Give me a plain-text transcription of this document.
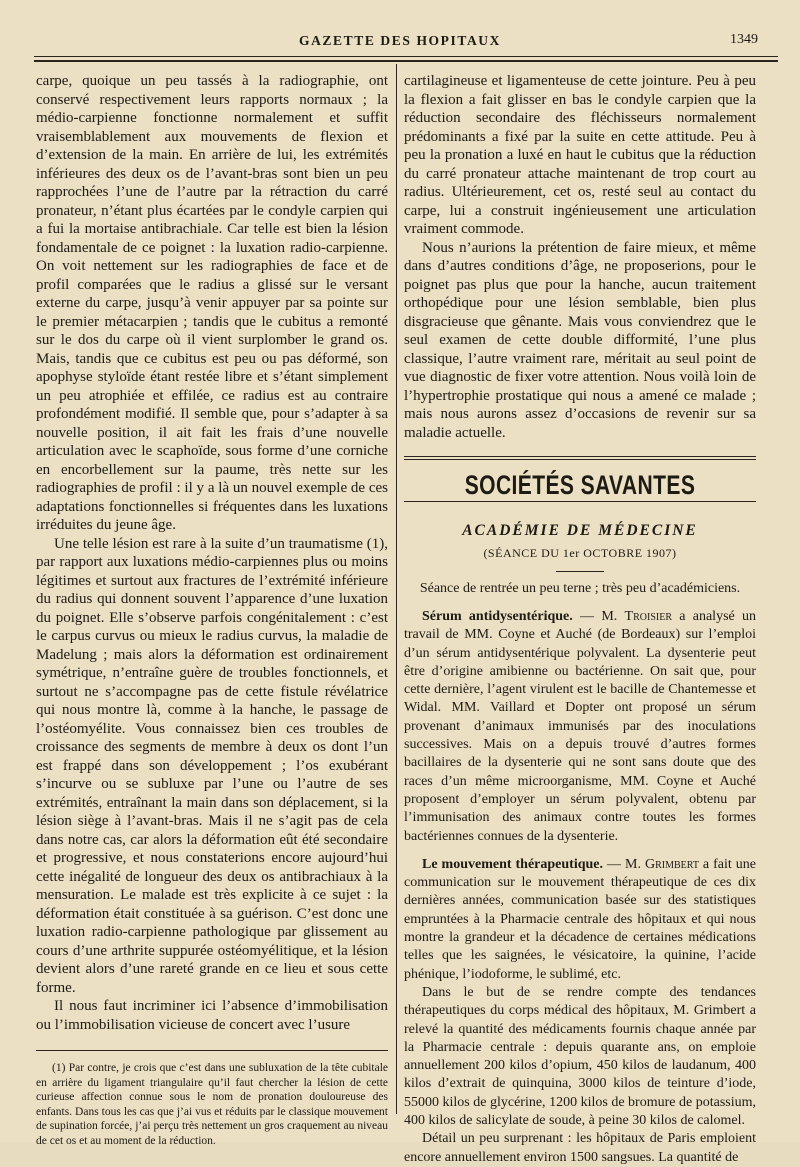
GAZETTE DES HOPITAUX	1349

carpe, quoique un peu tassés à la radiographie, ont conservé respectivement leurs rapports normaux ; la médio-carpienne fonctionne normalement et suffit vraisemblablement aux mouvements de flexion et d’extension de la main. En arrière de lui, les extrémités inférieures des deux os de l’avant-bras sont bien un peu rapprochées l’une de l’autre par la rétraction du carré pronateur, n’étant plus écartées par le condyle carpien qui a fui la mortaise antibrachiale. Car telle est bien la lésion fondamentale de ce poignet : la luxation radio-carpienne. On voit nettement sur les radiographies de face et de profil comparées que le radius a glissé sur le versant externe du carpe, jusqu’à venir appuyer par sa pointe sur le premier métacarpien ; tandis que le cubitus a remonté sur le dos du carpe où il vient surplomber le grand os. Mais, tandis que ce cubitus est peu ou pas déformé, son apophyse styloïde étant restée libre et s’étant simplement un peu atrophiée et effilée, ce radius est au contraire profondément modifié. Il semble que, pour s’adapter à sa nouvelle position, il ait fait les frais d’une nouvelle articulation avec le scaphoïde, sous forme d’une corniche en encorbellement sur la paume, très nette sur les radiographies de profil : il y a là un nouvel exemple de ces adaptations fonctionnelles si fréquentes dans les luxations irréduites du jeune âge.

Une telle lésion est rare à la suite d’un traumatisme (1), par rapport aux luxations médio-carpiennes plus ou moins légitimes et surtout aux fractures de l’extrémité inférieure du radius qui donnent souvent l’apparence d’une luxation du poignet. Elle s’observe parfois congénitalement : c’est le carpus curvus ou mieux le radius curvus, la maladie de Madelung ; mais alors la déformation est ordinairement symétrique, n’entraîne guère de troubles fonctionnels, et surtout ne s’accompagne pas de cette fistule révélatrice qui nous montre là, comme à la hanche, le passage de l’ostéomyélite. Vous connaissez bien ces troubles de croissance des segments de membre à deux os dont l’un est frappé dans son développement ; l’os exubérant s’incurve ou se subluxe par l’une ou l’autre de ses extrémités, entraînant la main dans son déplacement, si la lésion siège à l’avant-bras. Mais il ne s’agit pas de cela dans notre cas, car alors la déformation eût été secondaire et progressive, et nous constaterions encore aujourd’hui cette inégalité de longueur des deux os antibrachiaux à la mensuration. Le malade est très explicite à ce sujet : la déformation était constituée à sa guérison. C’est donc une luxation radio-carpienne pathologique par glissement au cours d’une arthrite suppurée ostéomyélitique, et la lésion devient alors d’une rareté grande en ce lieu et sous cette forme.

Il nous faut incriminer ici l’absence d’immobilisation ou l’immobilisation vicieuse de concert avec l’usure

(1) Par contre, je crois que c’est dans une subluxation de la tête cubitale en arrière du ligament triangulaire qu’il faut chercher la lésion de cette curieuse affection connue sous le nom de pronation douloureuse des enfants. Dans tous les cas que j’ai vus et réduits par le classique mouvement de supination forcée, j’ai perçu très nettement un gros craquement au niveau de cet os et au moment de la réduction.

cartilagineuse et ligamenteuse de cette jointure. Peu à peu la flexion a fait glisser en bas le condyle carpien que la réduction secondaire des fléchisseurs normalement prédominants a fixé par la suite en cette attitude. Peu à peu la pronation a luxé en haut le cubitus que la réduction du carré pronateur attache maintenant de trop court au radius. Ultérieurement, cet os, resté seul au contact du carpe, lui a construit ingénieusement une articulation vraiment commode.

Nous n’aurions la prétention de faire mieux, et même dans d’autres conditions d’âge, ne proposerions, pour le poignet pas plus que pour la hanche, aucun traitement orthopédique pour une lésion semblable, bien plus disgracieuse que gênante. Mais vous conviendrez que le seul examen de cette double difformité, l’une plus classique, l’autre vraiment rare, méritait au seul point de vue diagnostic de fixer votre attention. Nous voilà loin de l’hypertrophie prostatique qui nous a amené ce malade ; mais nous aurons assez d’occasions de revenir sur sa maladie actuelle.

SOCIÉTÉS SAVANTES
ACADÉMIE DE MÉDECINE
(SÉANCE DU 1er OCTOBRE 1907)
Séance de rentrée un peu terne ; très peu d’académiciens.

Sérum antidysentérique. — M. Troisier a analysé un travail de MM. Coyne et Auché (de Bordeaux) sur l’emploi d’un sérum antidysentérique polyvalent. La dysenterie peut être d’origine amibienne ou bactérienne. On sait que, pour cette dernière, l’agent virulent est le bacille de Chantemesse et Widal. MM. Vaillard et Dopter ont proposé un sérum provenant d’animaux immunisés par des inoculations successives. Mais on a depuis trouvé d’autres formes bacillaires de la dysenterie qui ne sont sans doute que des races d’un même microorganisme, MM. Coyne et Auché proposent d’employer un sérum polyvalent, obtenu par l’immunisation des animaux contre toutes les formes bactériennes connues de la dysenterie.

Le mouvement thérapeutique. — M. Grimbert a fait une communication sur le mouvement thérapeutique de ces dix dernières années, communication basée sur des statistiques empruntées à la Pharmacie centrale des hôpitaux et qui nous montre la grandeur et la décadence de certaines médications telles que les saignées, le vésicatoire, la quinine, l’acide phénique, l’iodoforme, le sublimé, etc.

Dans le but de se rendre compte des tendances thérapeutiques du corps médical des hôpitaux, M. Grimbert a relevé la quantité des médicaments fournis chaque année par la Pharmacie centrale : depuis quarante ans, on emploie annuellement 200 kilos d’opium, 450 kilos de laudanum, 400 kilos d’extrait de quinquina, 3000 kilos de teinture d’iode, 55000 kilos de glycérine, 1200 kilos de bromure de potassium, 400 kilos de salicylate de soude, à peine 30 kilos de calomel.

Détail un peu surprenant : les hôpitaux de Paris emploient encore annuellement environ 1500 sangsues. La quantité de
